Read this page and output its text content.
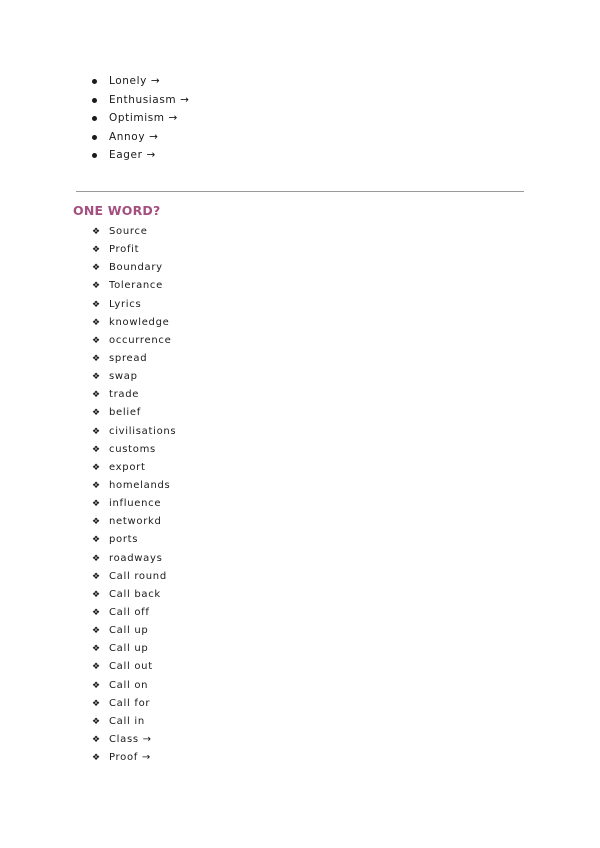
Lonely →
Enthusiasm →
Optimism →
Annoy →
Eager →
ONE WORD?
❖ Source
❖ Profit
❖ Boundary
❖ Tolerance
❖ Lyrics
❖ knowledge
❖ occurrence
❖ spread
❖ swap
❖ trade
❖ belief
❖ civilisations
❖ customs
❖ export
❖ homelands
❖ influence
❖ networkd
❖ ports
❖ roadways
❖ Call round
❖ Call back
❖ Call off
❖ Call up
❖ Call up
❖ Call out
❖ Call on
❖ Call for
❖ Call in
❖ Class →
❖ Proof →
